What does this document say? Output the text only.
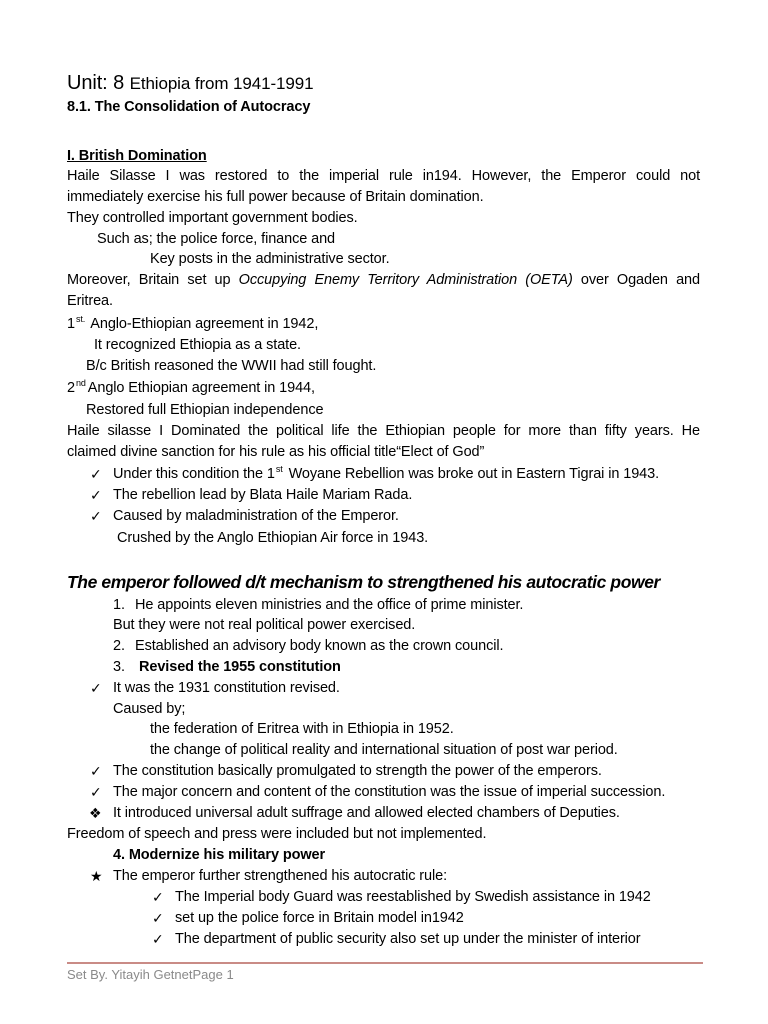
Unit: 8 Ethiopia from 1941-1991
8.1. The Consolidation of Autocracy
I. British Domination
Haile Silasse I was restored to the imperial rule in194. However, the Emperor could not
immediately exercise his full power because of Britain domination.
They controlled important government bodies.
Such as; the police force, finance and
Key posts in the administrative sector.
Moreover, Britain set up Occupying Enemy Territory Administration (OETA) over Ogaden and
Eritrea.
$1^{st.}$ Anglo-Ethiopian agreement in 1942,
It recognized Ethiopia as a state.
B/c British reasoned the WWII had still fought.
2nd Anglo Ethiopian agreement in 1944,
Restored full Ethiopian independence
Haile silasse I Dominated the political life the Ethiopian people for more than fifty years. He
claimed divine sanction for his rule as his official title“Elect of God”
✓ Under this condition the 1st Woyane Rebellion was broke out in Eastern Tigrai in 1943.
✓ The rebellion lead by Blata Haile Mariam Rada.
✓ Caused by maladministration of the Emperor.
Crushed by the Anglo Ethiopian Air force in 1943.
The emperor followed d/t mechanism to strengthened his autocratic power
1. He appoints eleven ministries and the office of prime minister.
But they were not real political power exercised.
2. Established an advisory body known as the crown council.
3. Revised the 1955 constitution
✓ It was the 1931 constitution revised.
Caused by;
the federation of Eritrea with in Ethiopia in 1952.
the change of political reality and international situation of post war period.
✓ The constitution basically promulgated to strength the power of the emperors.
✓ The major concern and content of the constitution was the issue of imperial succession.
❖ It introduced universal adult suffrage and allowed elected chambers of Deputies.
Freedom of speech and press were included but not implemented.
4. Modernize his military power
★ The emperor further strengthened his autocratic rule:
✓ The Imperial body Guard was reestablished by Swedish assistance in 1942
✓ set up the police force in Britain model in1942
✓ The department of public security also set up under the minister of interior
Set By. Yitayih GetnetPage 1
